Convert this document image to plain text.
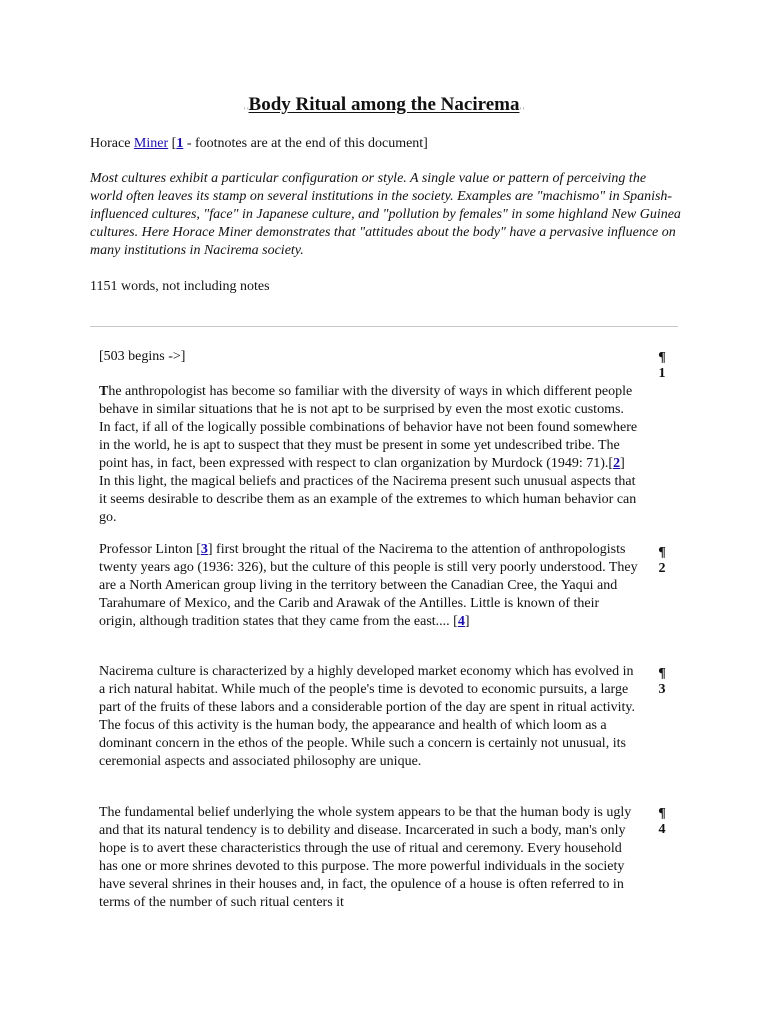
' 'Body Ritual among the Nacirema' '
Horace Miner [1 - footnotes are at the end of this document]
Most cultures exhibit a particular configuration or style. A single value or pattern of perceiving the world often leaves its stamp on several institutions in the society. Examples are "machismo" in Spanish-influenced cultures, "face" in Japanese culture, and "pollution by females" in some highland New Guinea cultures. Here Horace Miner demonstrates that "attitudes about the body" have a pervasive influence on many institutions in Nacirema society.
1151 words, not including notes
[503 begins ->]
The anthropologist has become so familiar with the diversity of ways in which different people behave in similar situations that he is not apt to be surprised by even the most exotic customs. In fact, if all of the logically possible combinations of behavior have not been found somewhere in the world, he is apt to suspect that they must be present in some yet undescribed tribe. The point has, in fact, been expressed with respect to clan organization by Murdock (1949: 71).[2] In this light, the magical beliefs and practices of the Nacirema present such unusual aspects that it seems desirable to describe them as an example of the extremes to which human behavior can go.
Professor Linton [3] first brought the ritual of the Nacirema to the attention of anthropologists twenty years ago (1936: 326), but the culture of this people is still very poorly understood. They are a North American group living in the territory between the Canadian Cree, the Yaqui and Tarahumare of Mexico, and the Carib and Arawak of the Antilles. Little is known of their origin, although tradition states that they came from the east.... [4]
Nacirema culture is characterized by a highly developed market economy which has evolved in a rich natural habitat. While much of the people's time is devoted to economic pursuits, a large part of the fruits of these labors and a considerable portion of the day are spent in ritual activity. The focus of this activity is the human body, the appearance and health of which loom as a dominant concern in the ethos of the people. While such a concern is certainly not unusual, its ceremonial aspects and associated philosophy are unique.
The fundamental belief underlying the whole system appears to be that the human body is ugly and that its natural tendency is to debility and disease. Incarcerated in such a body, man's only hope is to avert these characteristics through the use of ritual and ceremony. Every household has one or more shrines devoted to this purpose. The more powerful individuals in the society have several shrines in their houses and, in fact, the opulence of a house is often referred to in terms of the number of such ritual centers it
¶
1
¶
2
¶
3
¶
4
